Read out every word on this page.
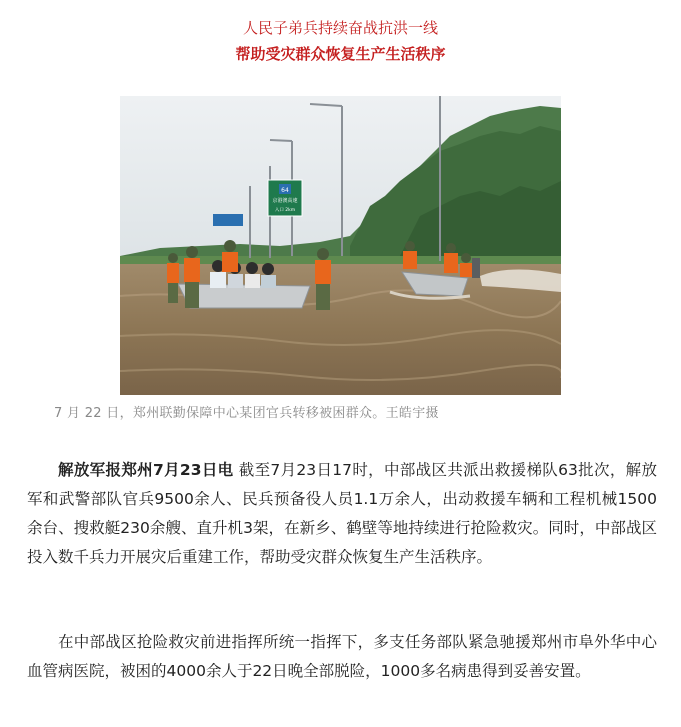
人民子弟兵持续奋战抗洪一线
帮助受灾群众恢复生产生活秩序
64
京港澳高速
入口 2km
7 月 22 日，郑州联勤保障中心某团官兵转移被困群众。王皓宇摄

解放军报郑州7月23日电 截至7月23日17时，中部战区共派出救援梯队63批次，解放军和武警部队官兵9500余人、民兵预备役人员1.1万余人，出动救援车辆和工程机械1500余台、搜救艇230余艘、直升机3架，在新乡、鹤壁等地持续进行抢险救灾。同时，中部战区投入数千兵力开展灾后重建工作，帮助受灾群众恢复生产生活秩序。

在中部战区抢险救灾前进指挥所统一指挥下，多支任务部队紧急驰援郑州市阜外华中心血管病医院，被困的4000余人于22日晚全部脱险，1000多名病患得到妥善安置。
